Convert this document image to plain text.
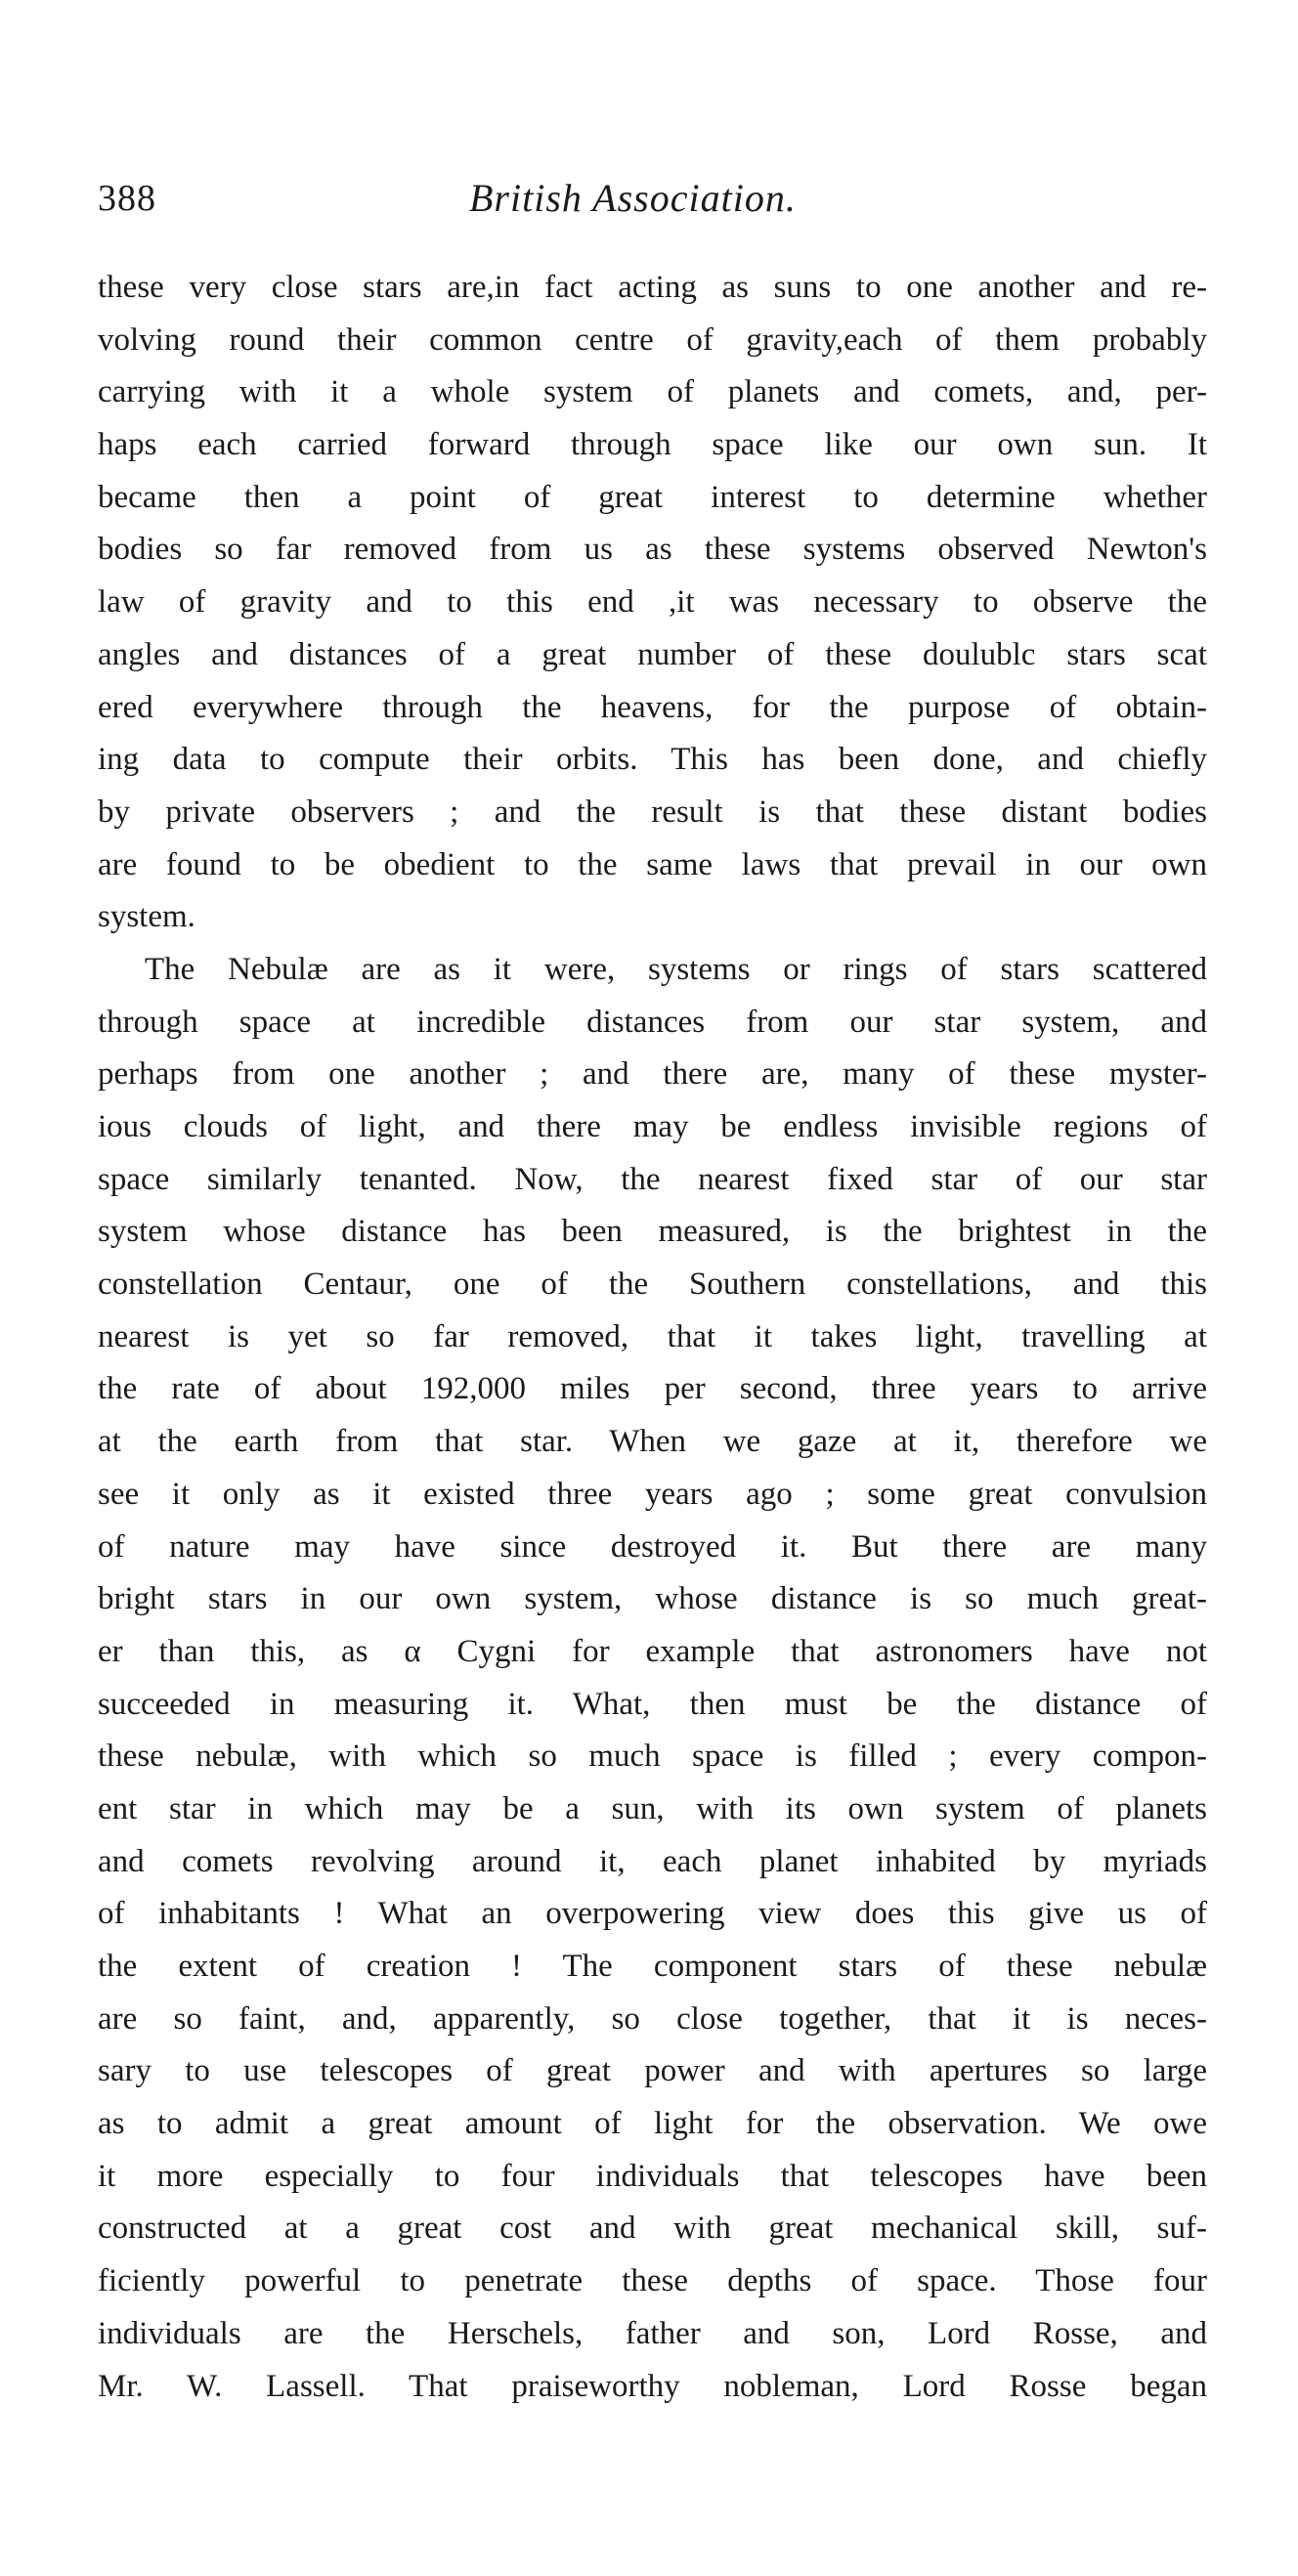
388	British Association.
these very close stars are,in fact acting as suns to one another and re-
volving round their common centre of gravity,each of them probably
carrying with it a whole system of planets and comets, and, per-
haps each carried forward through space like our own sun. It
became then a point of great interest to determine whether
bodies so far removed from us as these systems observed Newton's
law of gravity and to this end ,it was necessary to observe the
angles and distances of a great number of these doulublc stars scat
ered everywhere through the heavens, for the purpose of obtain-
ing data to compute their orbits. This has been done, and chiefly
by private observers ; and the result is that these distant bodies
are found to be obedient to the same laws that prevail in our own
system.
The Nebulæ are as it were, systems or rings of stars scattered
through space at incredible distances from our star system, and
perhaps from one another ; and there are, many of these myster-
ious clouds of light, and there may be endless invisible regions of
space similarly tenanted. Now, the nearest fixed star of our star
system whose distance has been measured, is the brightest in the
constellation Centaur, one of the Southern constellations, and this
nearest is yet so far removed, that it takes light, travelling at
the rate of about 192,000 miles per second, three years to arrive
at the earth from that star. When we gaze at it, therefore we
see it only as it existed three years ago ; some great convulsion
of nature may have since destroyed it. But there are many
bright stars in our own system, whose distance is so much great-
er than this, as α Cygni for example that astronomers have not
succeeded in measuring it. What, then must be the distance of
these nebulæ, with which so much space is filled ; every compon-
ent star in which may be a sun, with its own system of planets
and comets revolving around it, each planet inhabited by myriads
of inhabitants ! What an overpowering view does this give us of
the extent of creation ! The component stars of these nebulæ
are so faint, and, apparently, so close together, that it is neces-
sary to use telescopes of great power and with apertures so large
as to admit a great amount of light for the observation. We owe
it more especially to four individuals that telescopes have been
constructed at a great cost and with great mechanical skill, suf-
ficiently powerful to penetrate these depths of space. Those four
individuals are the Herschels, father and son, Lord Rosse, and
Mr. W. Lassell. That praiseworthy nobleman, Lord Rosse began
